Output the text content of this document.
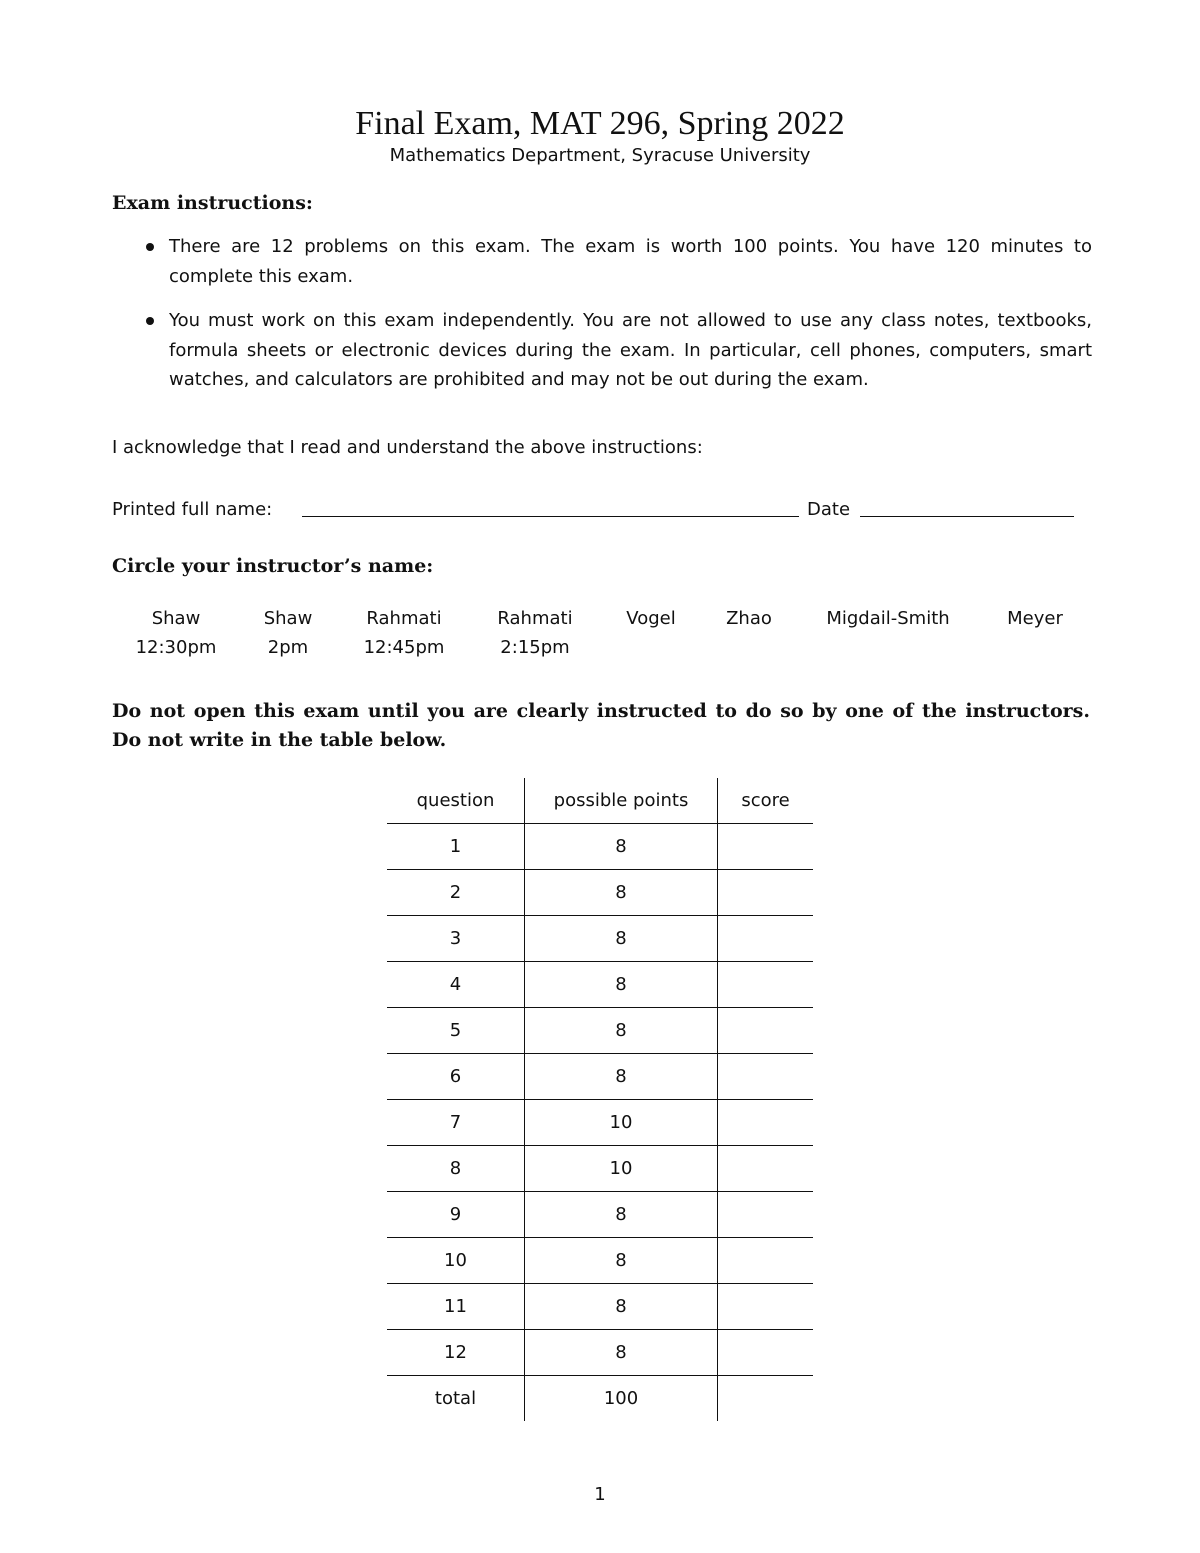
Final Exam, MAT 296, Spring 2022
Mathematics Department, Syracuse University
Exam instructions:
There are 12 problems on this exam. The exam is worth 100 points. You have 120 minutes to complete this exam.
You must work on this exam independently. You are not allowed to use any class notes, textbooks, formula sheets or electronic devices during the exam. In particular, cell phones, computers, smart watches, and calculators are prohibited and may not be out during the exam.
I acknowledge that I read and understand the above instructions:
Printed full name:	Date
Circle your instructor’s name:
Shaw
12:30pm
Shaw
2pm
Rahmati
12:45pm
Rahmati
2:15pm
Vogel	Zhao	Migdail-Smith	Meyer
Do not open this exam until you are clearly instructed to do so by one of the instructors. Do not write in the table below.
question	possible points	score
1	8	
2	8	
3	8	
4	8	
5	8	
6	8	
7	10	
8	10	
9	8	
10	8	
11	8	
12	8	
total	100	
1
